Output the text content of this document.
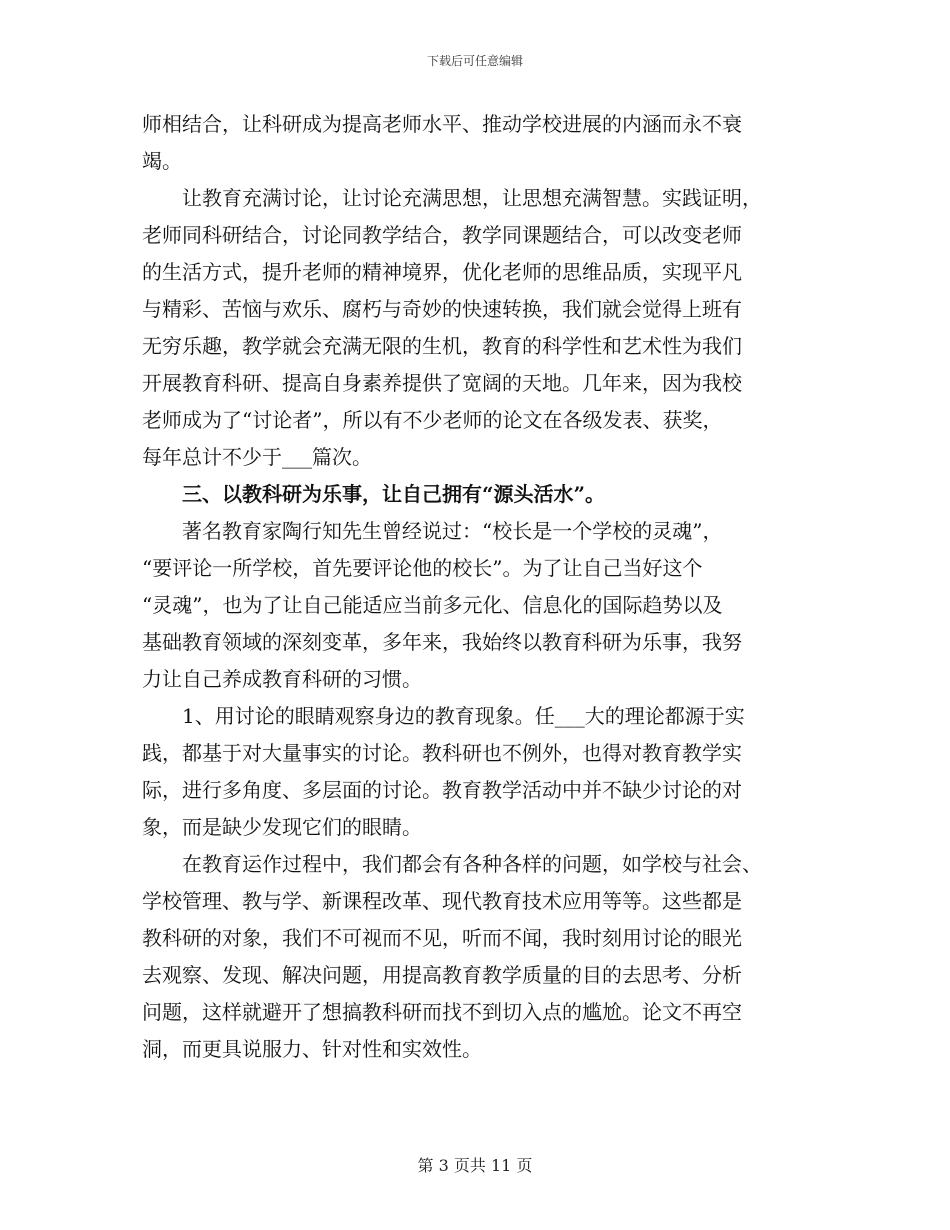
下载后可任意编辑
师相结合，让科研成为提高老师水平、推动学校进展的内涵而永不衰
竭。
　　让教育充满讨论，让讨论充满思想，让思想充满智慧。实践证明，
老师同科研结合，讨论同教学结合，教学同课题结合，可以改变老师
的生活方式，提升老师的精神境界，优化老师的思维品质，实现平凡
与精彩、苦恼与欢乐、腐朽与奇妙的快速转换，我们就会觉得上班有
无穷乐趣，教学就会充满无限的生机，教育的科学性和艺术性为我们
开展教育科研、提高自身素养提供了宽阔的天地。几年来，因为我校
老师成为了“讨论者”，所以有不少老师的论文在各级发表、获奖，
每年总计不少于___篇次。
　　三、以教科研为乐事，让自己拥有“源头活水”。
　　著名教育家陶行知先生曾经说过：“校长是一个学校的灵魂”，
“要评论一所学校，首先要评论他的校长”。为了让自己当好这个
“灵魂”，也为了让自己能适应当前多元化、信息化的国际趋势以及
基础教育领域的深刻变革，多年来，我始终以教育科研为乐事，我努
力让自己养成教育科研的习惯。
　　1、用讨论的眼睛观察身边的教育现象。任___大的理论都源于实
践，都基于对大量事实的讨论。教科研也不例外，也得对教育教学实
际，进行多角度、多层面的讨论。教育教学活动中并不缺少讨论的对
象，而是缺少发现它们的眼睛。
　　在教育运作过程中，我们都会有各种各样的问题，如学校与社会、
学校管理、教与学、新课程改革、现代教育技术应用等等。这些都是
教科研的对象，我们不可视而不见，听而不闻，我时刻用讨论的眼光
去观察、发现、解决问题，用提高教育教学质量的目的去思考、分析
问题，这样就避开了想搞教科研而找不到切入点的尴尬。论文不再空
洞，而更具说服力、针对性和实效性。
第 3 页共 11 页
